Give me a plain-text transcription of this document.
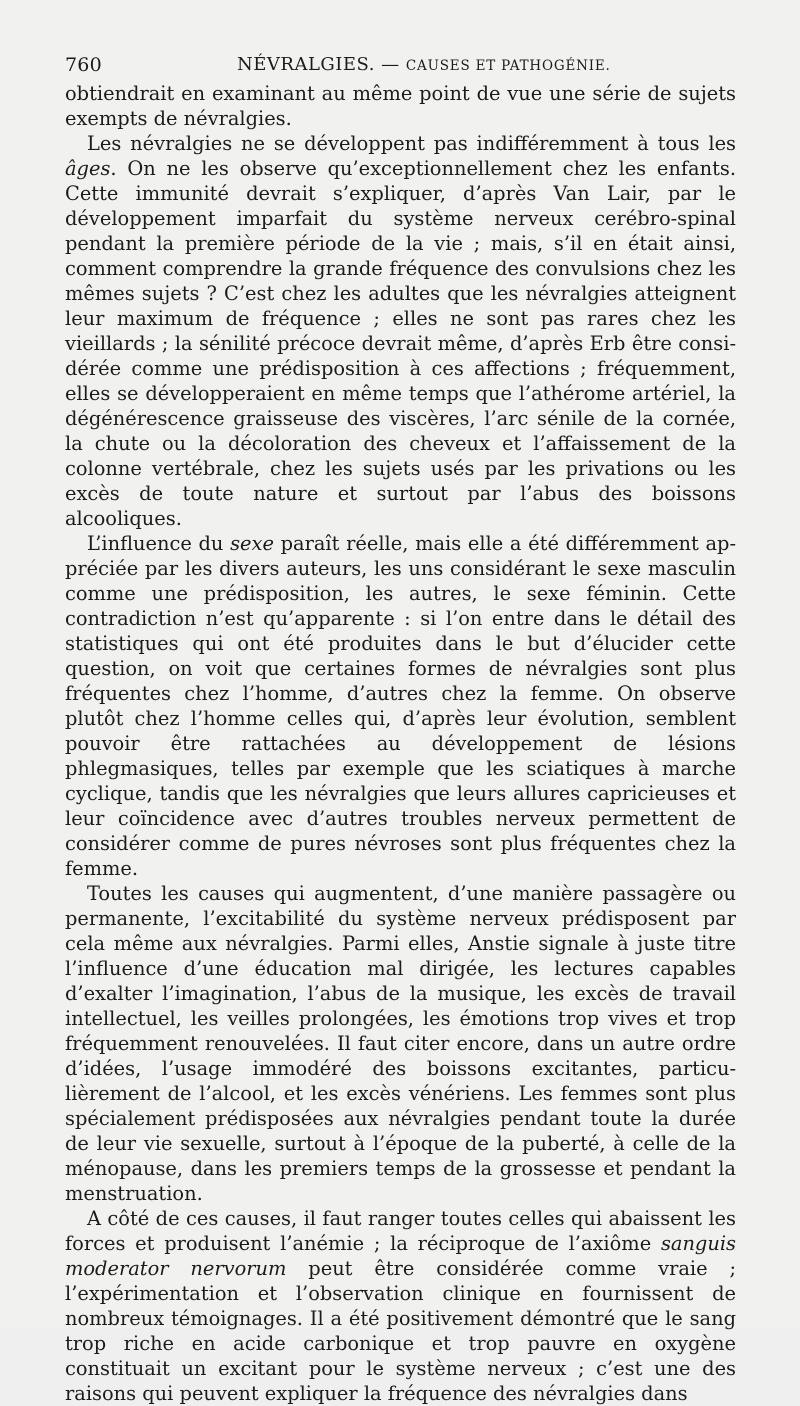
760	NÉVRALGIES. — CAUSES ET PATHOGÉNIE.

obtiendrait en examinant au même point de vue une série de sujets exempts de névralgies.

Les névralgies ne se développent pas indifféremment à tous les âges. On ne les observe qu’exceptionnellement chez les enfants. Cette immunité devrait s’expliquer, d’après Van Lair, par le développement imparfait du système nerveux cerébro-spinal pendant la première période de la vie ; mais, s’il en était ainsi, comment comprendre la grande fréquence des convulsions chez les mêmes sujets ? C’est chez les adultes que les névralgies atteignent leur maximum de fréquence ; elles ne sont pas rares chez les vieillards ; la sénilité précoce devrait même, d’après Erb être considérée comme une prédisposition à ces affections ; fréquemment, elles se développeraient en même temps que l’athérome artériel, la dégénérescence graisseuse des viscères, l’arc sénile de la cornée, la chute ou la décoloration des cheveux et l’affaissement de la colonne vertébrale, chez les sujets usés par les privations ou les excès de toute nature et surtout par l’abus des boissons alcooliques.

L’influence du sexe paraît réelle, mais elle a été différemment appréciée par les divers auteurs, les uns considérant le sexe masculin comme une prédisposition, les autres, le sexe féminin. Cette contradiction n’est qu’apparente : si l’on entre dans le détail des statistiques qui ont été produites dans le but d’élucider cette question, on voit que certaines formes de névralgies sont plus fréquentes chez l’homme, d’autres chez la femme. On observe plutôt chez l’homme celles qui, d’après leur évolution, semblent pouvoir être rattachées au développement de lésions phlegmasiques, telles par exemple que les sciatiques à marche cyclique, tandis que les névralgies que leurs allures capricieuses et leur coïncidence avec d’autres troubles nerveux permettent de considérer comme de pures névroses sont plus fréquentes chez la femme.

Toutes les causes qui augmentent, d’une manière passagère ou permanente, l’excitabilité du système nerveux prédisposent par cela même aux névralgies. Parmi elles, Anstie signale à juste titre l’influence d’une éducation mal dirigée, les lectures capables d’exalter l’imagination, l’abus de la musique, les excès de travail intellectuel, les veilles prolongées, les émotions trop vives et trop fréquemment renouvelées. Il faut citer encore, dans un autre ordre d’idées, l’usage immodéré des boissons excitantes, particulièrement de l’alcool, et les excès vénériens. Les femmes sont plus spécialement prédisposées aux névralgies pendant toute la durée de leur vie sexuelle, surtout à l’époque de la puberté, à celle de la ménopause, dans les premiers temps de la grossesse et pendant la menstruation.

A côté de ces causes, il faut ranger toutes celles qui abaissent les forces et produisent l’anémie ; la réciproque de l’axiôme sanguis moderator nervorum peut être considérée comme vraie ; l’expérimentation et l’observation clinique en fournissent de nombreux témoignages. Il a été positivement démontré que le sang trop riche en acide carbonique et trop pauvre en oxygène constituait un excitant pour le système nerveux ; c’est une des raisons qui peuvent expliquer la fréquence des névralgies dans
